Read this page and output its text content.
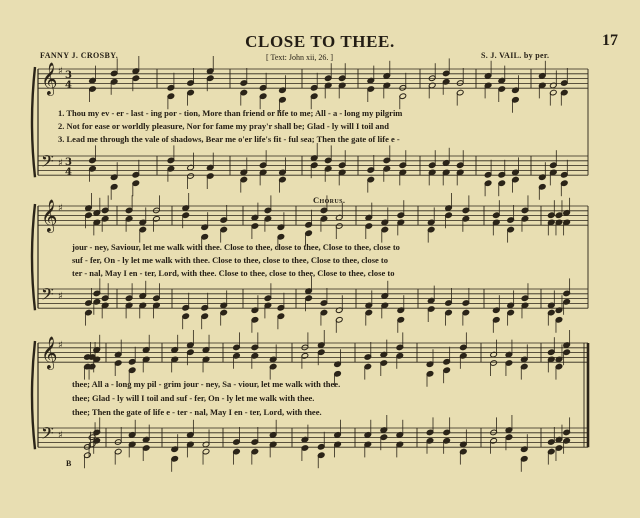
𝄞
𝄢
♯
♯
3
4
3
4
𝄞
𝄢
♯
♯
𝄞
𝄢
♯
♯
CLOSE TO THEE.	17
FANNY J. CROSBY.	[ Text: John xii, 26. ]	S. J. VAIL. by per.
Chorus.
1. Thou my ev - er - last - ing por - tion, More than friend or life to me; All - a - long my pilgrim
2. Not for ease or worldly pleasure, Nor for fame my pray'r shall be; Glad - ly will I toil and
3. Lead me through the vale of shadows, Bear me o'er life's fit - ful sea; Then the gate of life e -
jour - ney, Saviour, let me walk with thee. Close to thee, close to thee, Close to thee, close to
suf - fer, On - ly let me walk with thee. Close to thee, close to thee, Close to thee, close to
ter - nal, May I en - ter, Lord, with thee. Close to thee, close to thee, Close to thee, close to
thee; All a - long my pil - grim jour - ney, Sa - viour, let me walk with thee.
thee; Glad - ly will I toil and suf - fer, On - ly let me walk with thee.
thee; Then the gate of life e - ter - nal, May I en - ter, Lord, with thee.
B
